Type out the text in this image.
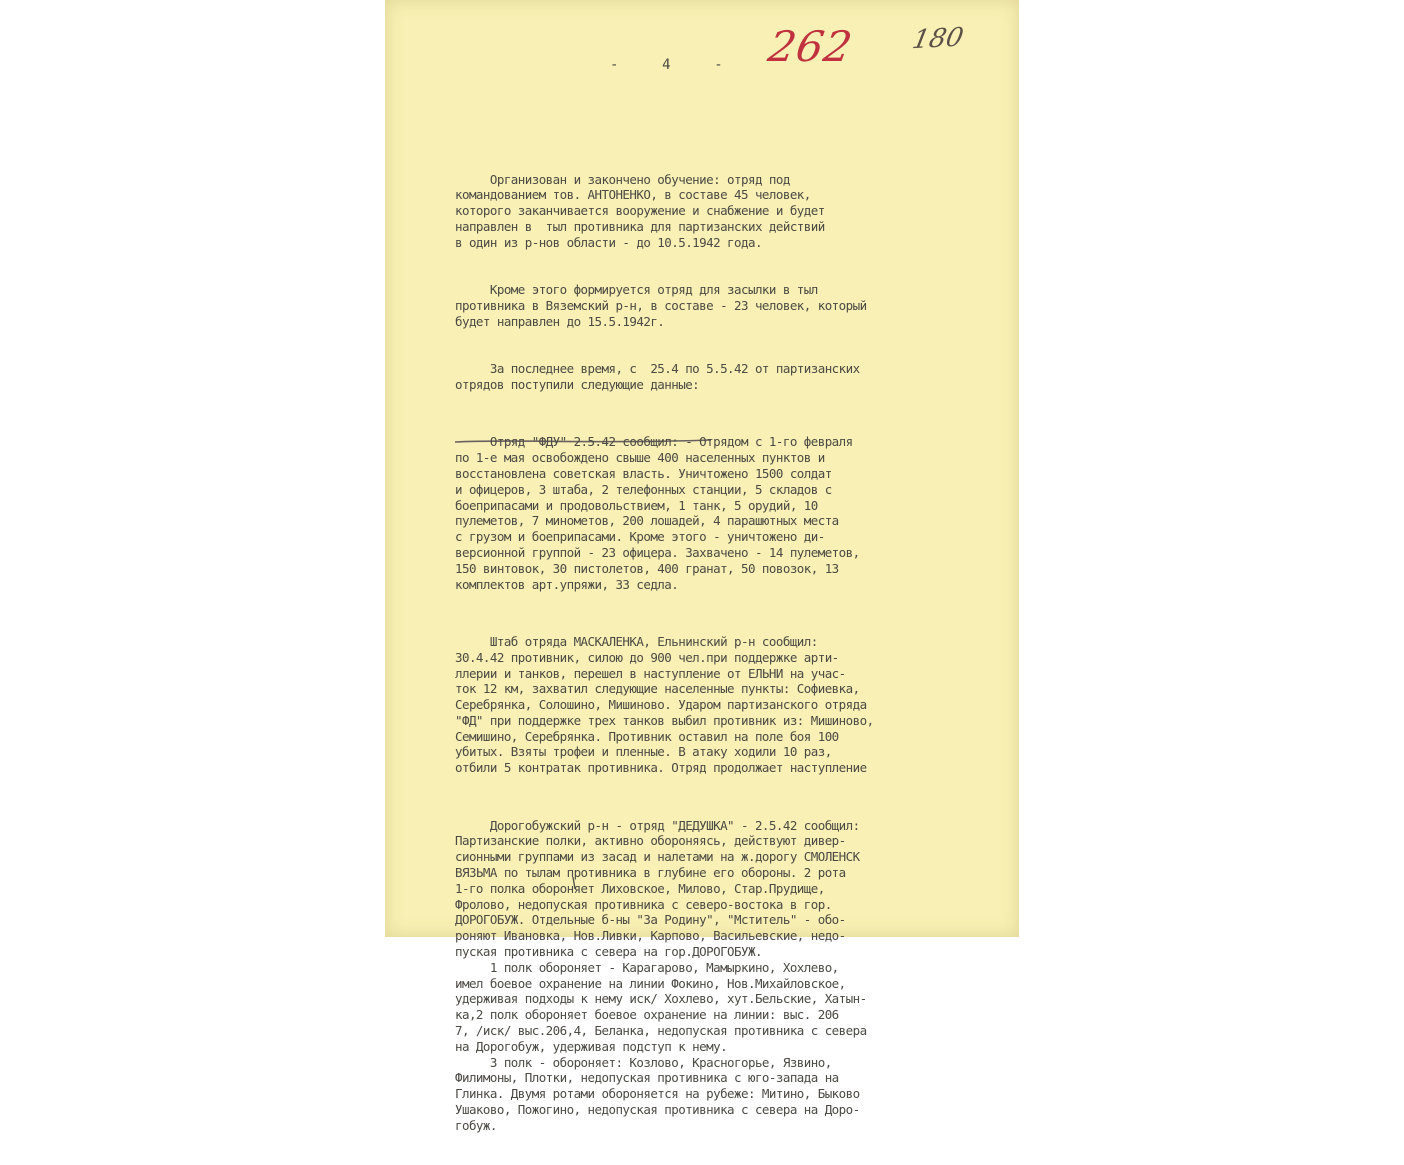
262 180
-    4    -

Организован и закончено обучение: отряд под
командованием тов. АНТОНЕНКО, в составе 45 человек,
которого заканчивается вооружение и снабжение и будет
направлен в  тыл противника для партизанских действий
в один из р-нов области - до 10.5.1942 года.

Кроме этого формируется отряд для засылки в тыл
противника в Вяземский р-н, в составе - 23 человек, который
будет направлен до 15.5.1942г.

За последнее время, с  25.4 по 5.5.42 от партизанских
отрядов поступили следующие данные:

Отряд "ФДУ" 2.5.42 сообщил: - Отрядом с 1-го февраля
по 1-е мая освобождено свыше 400 населенных пунктов и
восстановлена советская власть. Уничтожено 1500 солдат
и офицеров, 3 штаба, 2 телефонных станции, 5 складов с
боеприпасами и продовольствием, 1 танк, 5 орудий, 10
пулеметов, 7 минометов, 200 лошадей, 4 парашютных места
с грузом и боеприпасами. Кроме этого - уничтожено ди-
версионной группой - 23 офицера. Захвачено - 14 пулеметов,
150 винтовок, 30 пистолетов, 400 гранат, 50 повозок, 13
комплектов арт.упряжи, 33 седла.

Штаб отряда МАСКАЛЕНКА, Ельнинский р-н сообщил:
30.4.42 противник, силою до 900 чел.при поддержке арти-
ллерии и танков, перешел в наступление от ЕЛЬНИ на учас-
ток 12 км, захватил следующие населенные пункты: Софиевка,
Серебрянка, Солошино, Мишиново. Ударом партизанского отряда
"ФД" при поддержке трех танков выбил противник из: Мишиново,
Семишино, Серебрянка. Противник оставил на поле боя 100
убитых. Взяты трофеи и пленные. В атаку ходили 10 раз,
отбили 5 контратак противника. Отряд продолжает наступление

Дорогобужский р-н - отряд "ДЕДУШКА" - 2.5.42 сообщил:
Партизанские полки, активно обороняясь, действуют дивер-
сионными группами из засад и налетами на ж.дорогу СМОЛЕНСК
ВЯЗЬМА по тылам противника в глубине его обороны. 2 рота
1-го полка обороняет Лиховское, Милово, Стар.Прудище,
Фролово, недопуская противника с северо-востока в гор.
ДОРОГОБУЖ. Отдельные б-ны "За Родину", "Мститель" - обо-
роняют Ивановка, Нов.Ливки, Карпово, Васильевские, недо-
пуская противника с севера на гор.ДОРОГОБУЖ.
1 полк обороняет - Карагарово, Мамыркино, Хохлево,
имел боевое охранение на линии Фокино, Нов.Михайловское,
удерживая подходы к нему иск/ Хохлево, хут.Бельские, Хатын-
ка,2 полк обороняет боевое охранение на линии: выс. 206
7, /иск/ выс.206,4, Беланка, недопуская противника с севера
на Дорогобуж, удерживая подступ к нему.
3 полк - обороняет: Козлово, Красногорье, Язвино,
Филимоны, Плотки, недопуская противника с юго-запада на
Глинка. Двумя ротами обороняется на рубеже: Митино, Быково
Ушаково, Пожогино, недопуская противника с севера на Доро-
гобуж.
